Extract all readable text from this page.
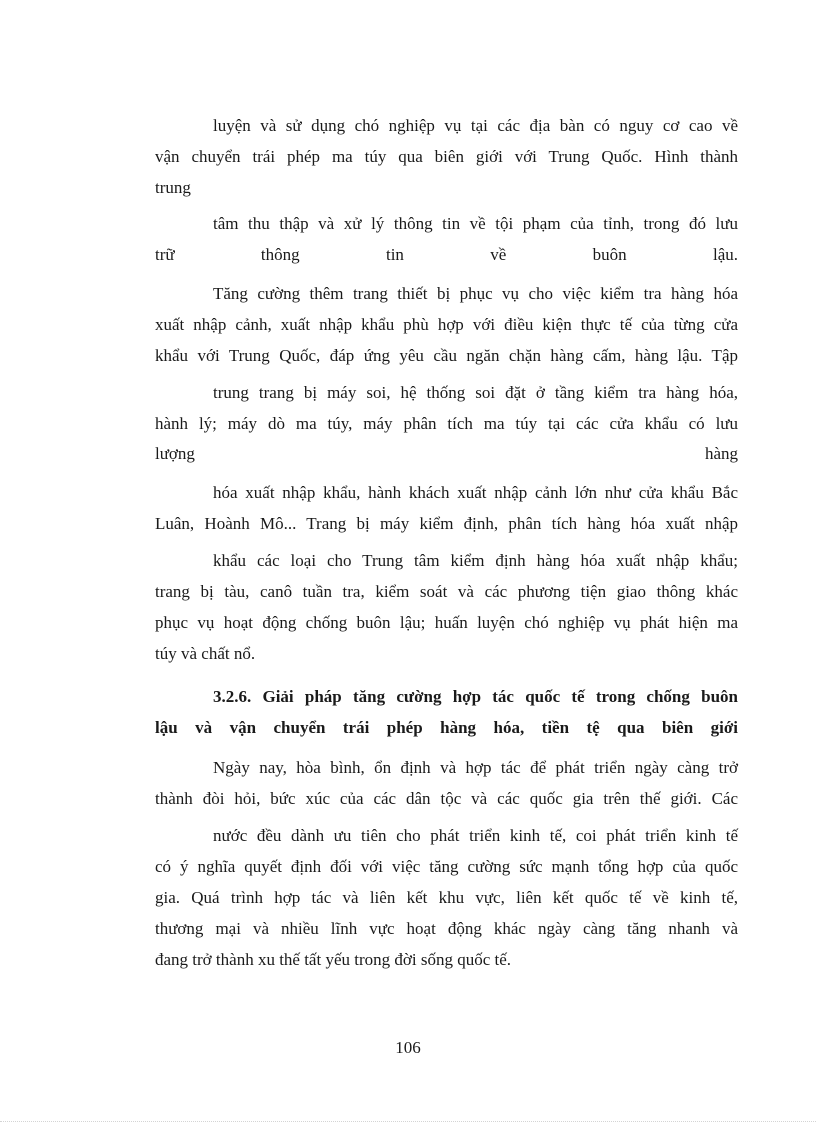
luyện và sử dụng chó nghiệp vụ tại các địa bàn có nguy cơ cao về
vận chuyển trái phép ma túy qua biên giới với Trung Quốc. Hình thành
trung
tâm thu thập và xử lý thông tin về tội phạm của tỉnh, trong đó lưu
trữ thông tin về buôn lậu.
Tăng cường thêm trang thiết bị phục vụ cho việc kiểm tra hàng hóa
xuất nhập cảnh, xuất nhập khẩu phù hợp với điều kiện thực tế của từng cửa
khẩu với Trung Quốc, đáp ứng yêu cầu ngăn chặn hàng cấm, hàng lậu. Tập
trung trang bị máy soi, hệ thống soi đặt ở tầng kiểm tra hàng hóa,
hành lý; máy dò ma túy, máy phân tích ma túy tại các cửa khẩu có lưu
lượng hàng
hóa xuất nhập khẩu, hành khách xuất nhập cảnh lớn như cửa khẩu Bắc
Luân, Hoành Mô... Trang bị máy kiểm định, phân tích hàng hóa xuất nhập
khẩu các loại cho Trung tâm kiểm định hàng hóa xuất nhập khẩu;
trang bị tàu, canô tuần tra, kiểm soát và các phương tiện giao thông khác
phục vụ hoạt động chống buôn lậu; huấn luyện chó nghiệp vụ phát hiện ma
túy và chất nổ.
3.2.6. Giải pháp tăng cường hợp tác quốc tế trong chống buôn
lậu và vận chuyển trái phép hàng hóa, tiền tệ qua biên giới
Ngày nay, hòa bình, ổn định và hợp tác để phát triển ngày càng trở
thành đòi hỏi, bức xúc của các dân tộc và các quốc gia trên thế giới. Các
nước đều dành ưu tiên cho phát triển kinh tế, coi phát triển kinh tế
có ý nghĩa quyết định đối với việc tăng cường sức mạnh tổng hợp của quốc
gia. Quá trình hợp tác và liên kết khu vực, liên kết quốc tế về kinh tế,
thương mại và nhiều lĩnh vực hoạt động khác ngày càng tăng nhanh và
đang trở thành xu thế tất yếu trong đời sống quốc tế.
106
